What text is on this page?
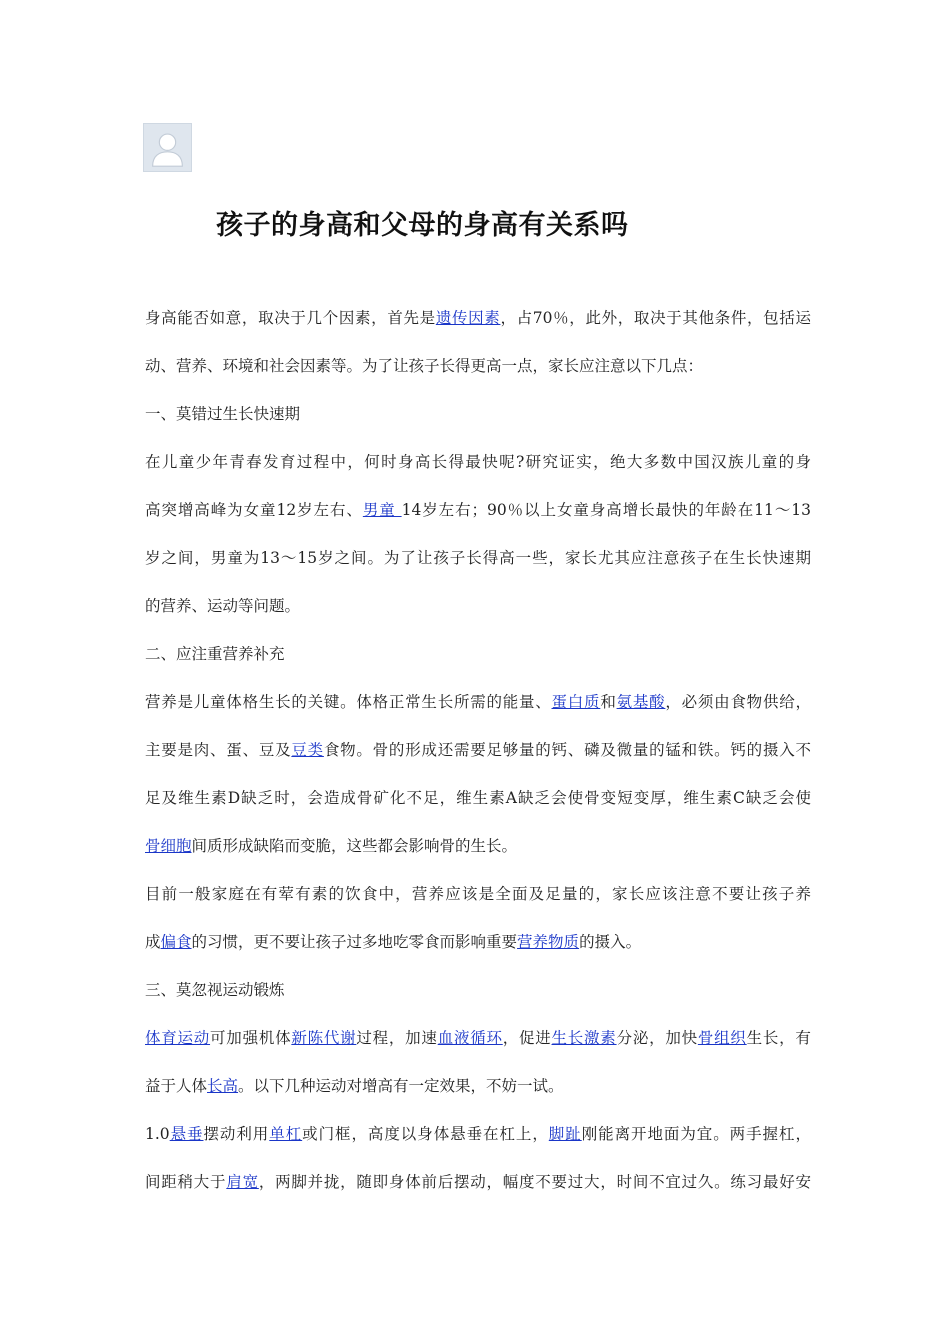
孩子的身高和父母的身高有关系吗
身高能否如意，取决于几个因素，首先是遗传因素，占70％，此外，取决于其他条件，包括运
动、营养、环境和社会因素等。为了让孩子长得更高一点，家长应注意以下几点：
一、莫错过生长快速期
在儿童少年青春发育过程中，何时身高长得最快呢?研究证实，绝大多数中国汉族儿童的身
高突增高峰为女童12岁左右、男童 14岁左右；90％以上女童身高增长最快的年龄在11～13
岁之间，男童为13～15岁之间。为了让孩子长得高一些，家长尤其应注意孩子在生长快速期
的营养、运动等问题。
二、应注重营养补充
营养是儿童体格生长的关键。体格正常生长所需的能量、蛋白质和氨基酸，必须由食物供给，
主要是肉、蛋、豆及豆类食物。骨的形成还需要足够量的钙、磷及微量的锰和铁。钙的摄入不
足及维生素D缺乏时，会造成骨矿化不足，维生素A缺乏会使骨变短变厚，维生素C缺乏会使
骨细胞间质形成缺陷而变脆，这些都会影响骨的生长。
目前一般家庭在有荤有素的饮食中，营养应该是全面及足量的，家长应该注意不要让孩子养
成偏食的习惯，更不要让孩子过多地吃零食而影响重要营养物质的摄入。
三、莫忽视运动锻炼
体育运动可加强机体新陈代谢过程，加速血液循环，促进生长激素分泌，加快骨组织生长，有
益于人体长高。以下几种运动对增高有一定效果，不妨一试。
1.0悬垂摆动利用单杠或门框，高度以身体悬垂在杠上，脚趾刚能离开地面为宜。两手握杠，
间距稍大于肩宽，两脚并拢，随即身体前后摆动，幅度不要过大，时间不宜过久。练习最好安
